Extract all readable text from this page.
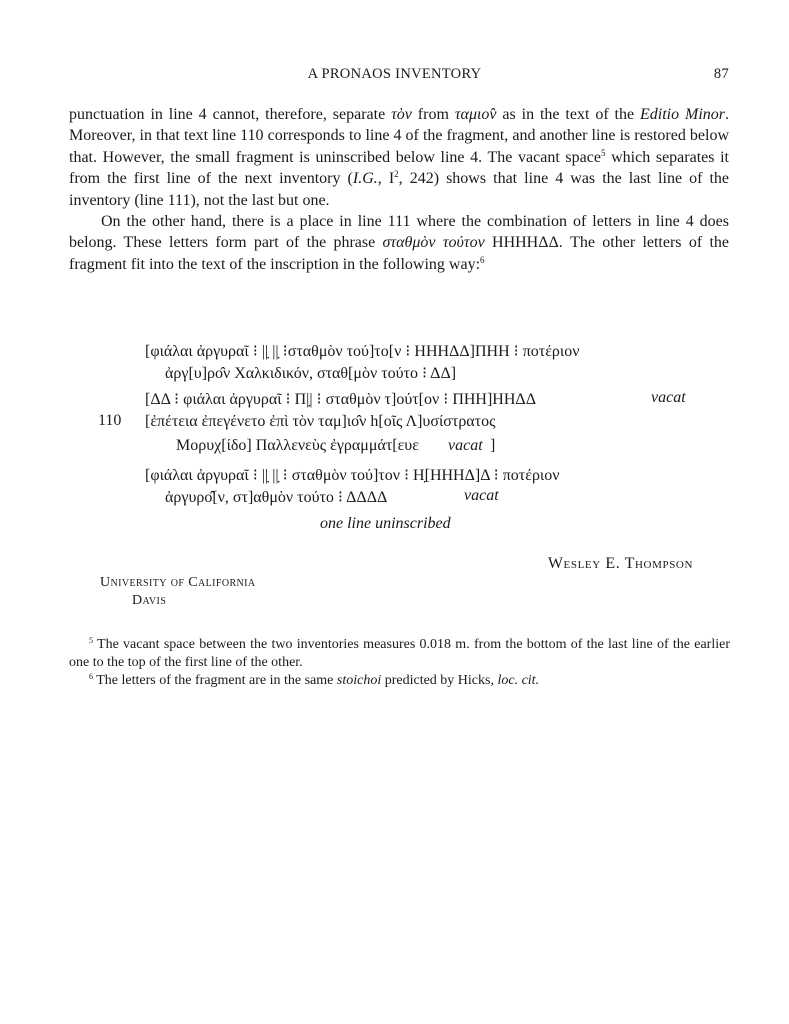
A PRONAOS INVENTORY	87

punctuation in line 4 cannot, therefore, separate τὸν from ταμιο̂ν as in the text of the Editio Minor. Moreover, in that text line 110 corresponds to line 4 of the fragment, and another line is restored below that. However, the small fragment is uninscribed below line 4. The vacant space$^5$ which separates it from the first line of the next inventory (I.G., $I^2$, 242) shows that line 4 was the last line of the inventory (line 111), not the last but one.

On the other hand, there is a place in line 111 where the combination of letters in line 4 does belong. These letters form part of the phrase σταθμὸν τούτον ΗΗΗΗΔΔ. The other letters of the fragment fit into the text of the inscription in the following way:$^6$

[φιάλαι ἀργυραῖ ⁝ ||̣ ||̣ ⁝σταθμὸν τού]το[ν ⁝ ΗΗΗΔΔ]ΠΗΗ ⁝ ποτέριον
ἀργ[υ]ρο̂ν Χαλκιδικόν, σταθ[μὸν τούτο ⁝ ΔΔ]
[ΔΔ ⁝ φιάλαι ἀργυραῖ ⁝ Π|̣| ⁝ σταθμὸν τ]ούτ[ον ⁝ ΠΗΗ]ΗΗΔΔ	vacat
110 [ἐπέτεια ἐπεγένετο ἐπὶ τὸν ταμ]ιο̂ν h[οῖς Λ]υσίστρατος
Μορυχ[ίδο] Παλλενεὺς ἐγραμμάτ[ευε vacat ]
[φιάλαι ἀργυραῖ ⁝ ||̣ ||̣ ⁝ σταθμὸν τού]τον ⁝ Η̣[ΗΗΗΔ]Δ ⁝ ποτέριον
ἀργυρο̂[ν, στ]αθμὸν τούτο ⁝ ΔΔΔΔ	vacat
one line uninscribed
Wesley E. Thompson
University of California
Davis

$^5$ The vacant space between the two inventories measures 0.018 m. from the bottom of the last line of the earlier one to the top of the first line of the other.

$^6$ The letters of the fragment are in the same stoichoi predicted by Hicks, loc. cit.
